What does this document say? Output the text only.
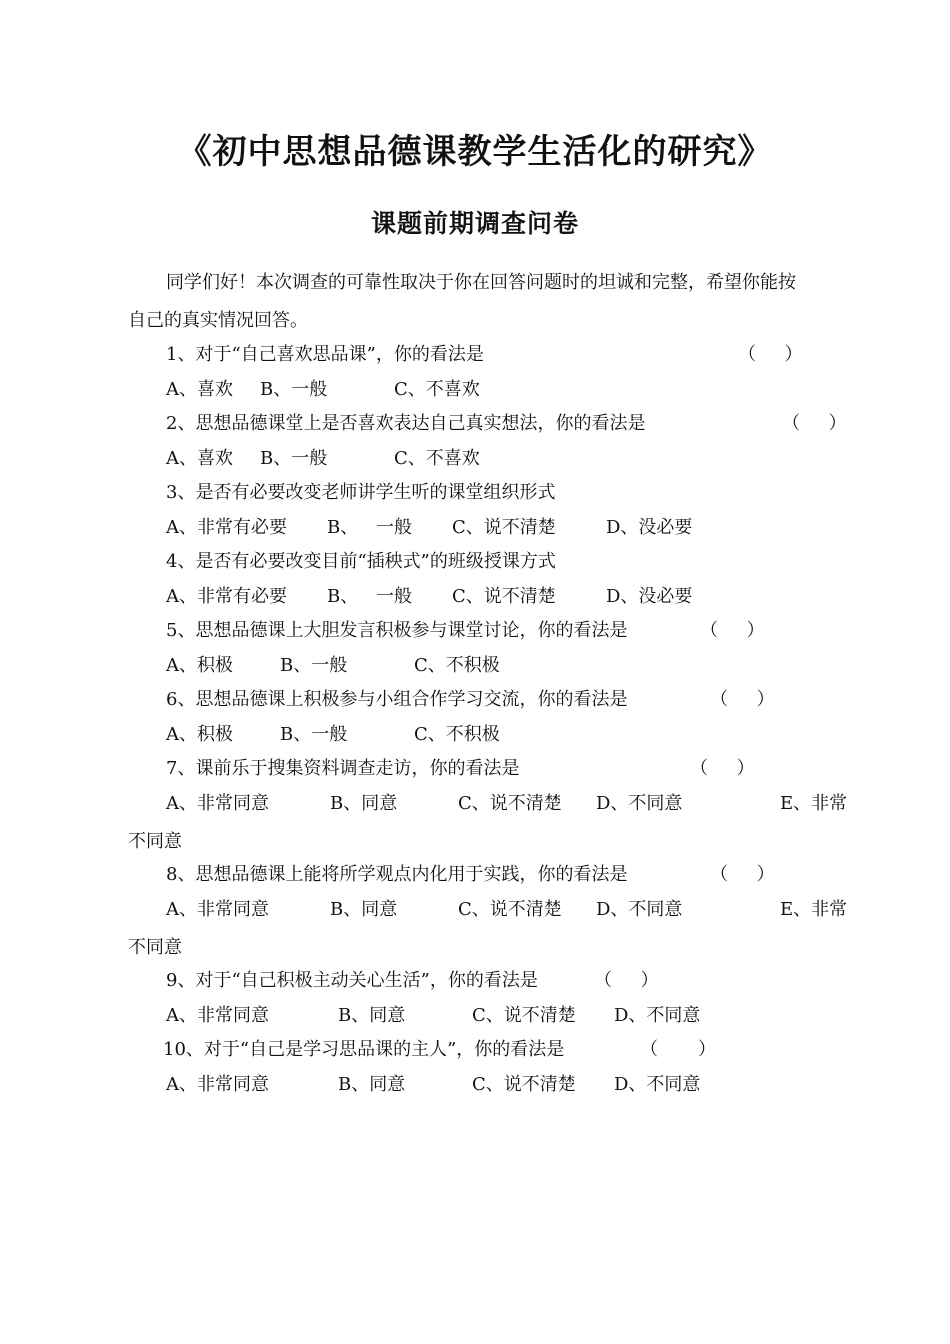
《初中思想品德课教学生活化的研究》
课题前期调查问卷
同学们好！本次调查的可靠性取决于你在回答问题时的坦诚和完整，希望你能按
自己的真实情况回答。
1、对于“自己喜欢思品课”，你的看法是	（     ）
A、喜欢 B、一般	C、不喜欢
2、思想品德课堂上是否喜欢表达自己真实想法，你的看法是	（     ）
A、喜欢 B、一般	C、不喜欢
3、是否有必要改变老师讲学生听的课堂组织形式
A、非常有必要 B、 一般 C、说不清楚	D、没必要
4、是否有必要改变目前“插秧式”的班级授课方式
A、非常有必要 B、 一般 C、说不清楚	D、没必要
5、思想品德课上大胆发言积极参与课堂讨论，你的看法是	（     ）
A、积极	B、一般	C、不积极
6、思想品德课上积极参与小组合作学习交流，你的看法是	（     ）
A、积极	B、一般	C、不积极
7、课前乐于搜集资料调查走访，你的看法是	（     ）
A、非常同意	B、同意	C、说不清楚 D、不同意	E、非常
不同意
8、思想品德课上能将所学观点内化用于实践，你的看法是	（     ）
A、非常同意	B、同意	C、说不清楚 D、不同意	E、非常
不同意
9、对于“自己积极主动关心生活”，你的看法是	（     ）
A、非常同意	B、同意	C、说不清楚 D、不同意
10、对于“自己是学习思品课的主人”，你的看法是	（       ）
A、非常同意	B、同意	C、说不清楚 D、不同意
